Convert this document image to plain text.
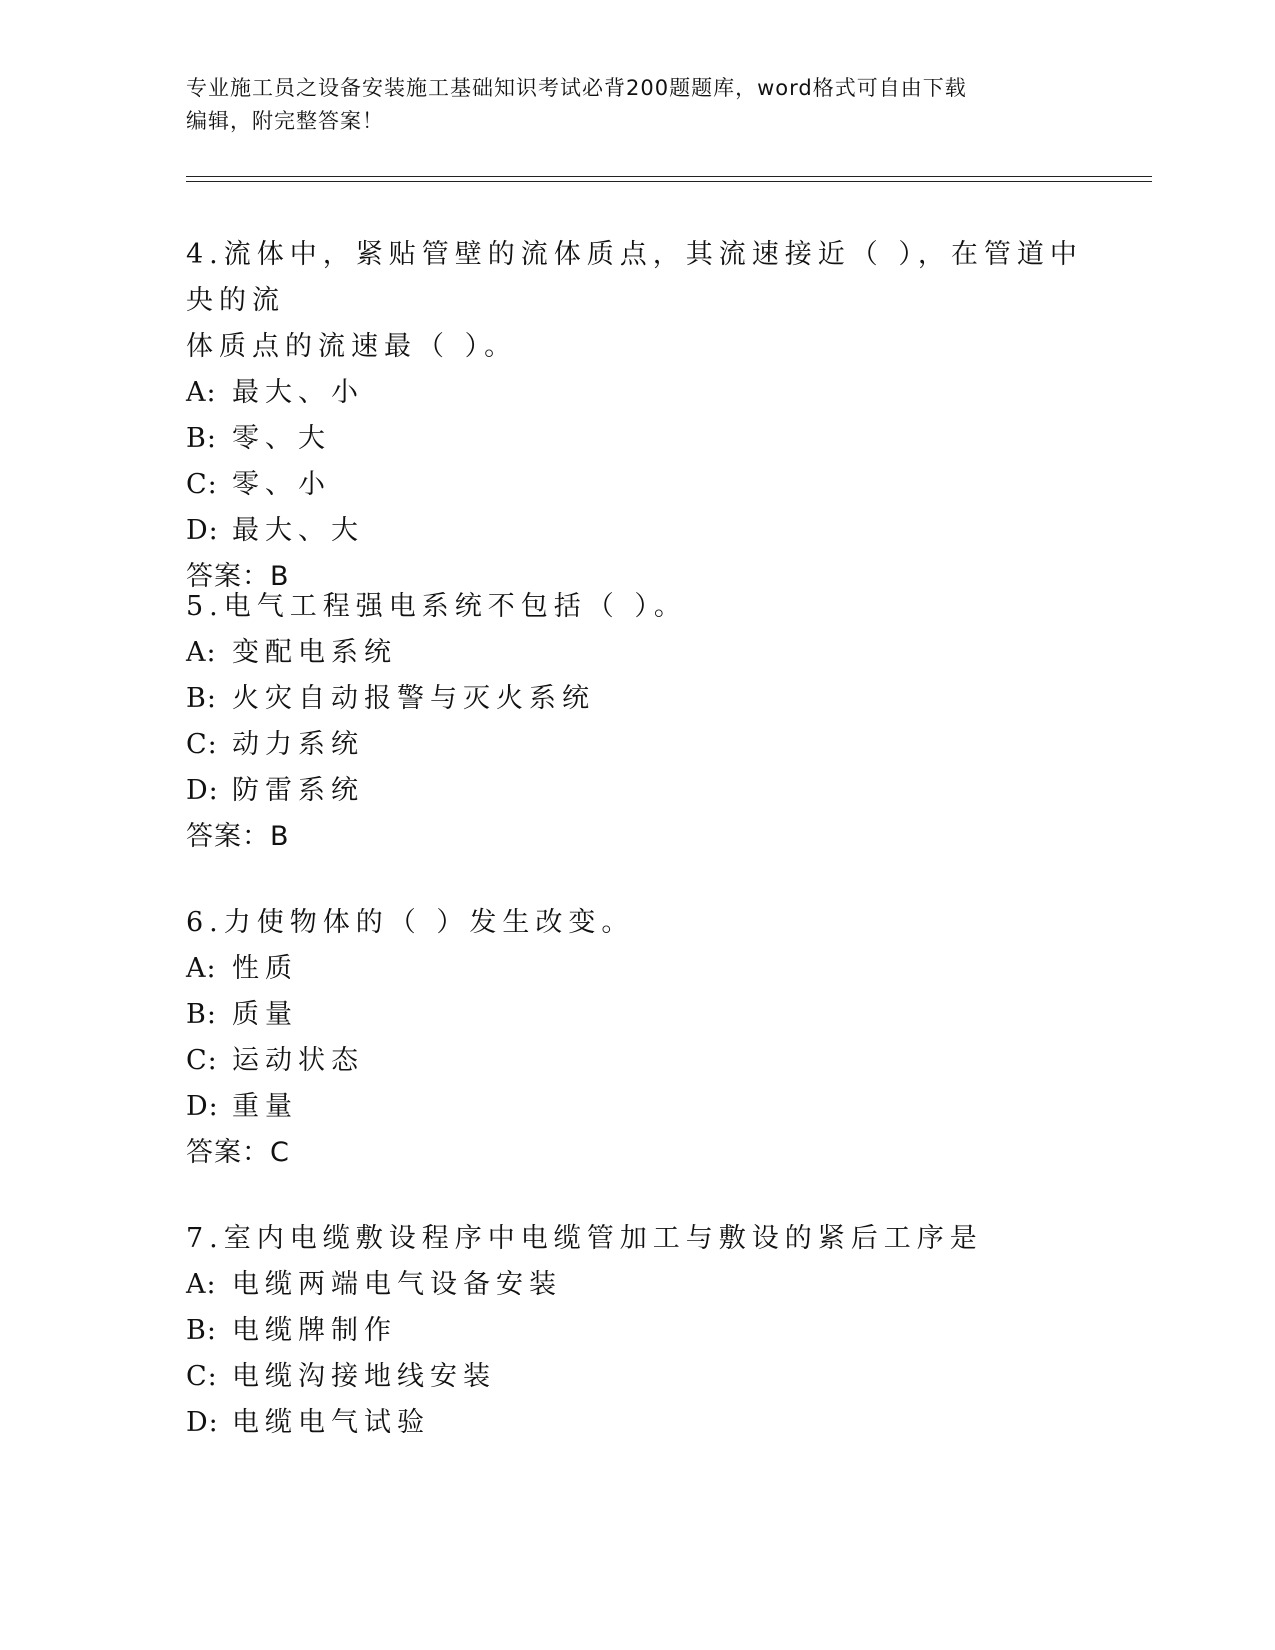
专业施工员之设备安装施工基础知识考试必背200题题库，word格式可自由下载
编辑，附完整答案！

4.流体中，紧贴管壁的流体质点，其流速接近（ ），在管道中央的流

体质点的流速最（ ）。

A: 最大、小
B: 零、大
C: 零、小
D: 最大、大
答案： B

5.电气工程强电系统不包括（ ）。

A: 变配电系统
B: 火灾自动报警与灭火系统
C: 动力系统
D: 防雷系统
答案： B

6.力使物体的（ ）发生改变。

A: 性质
B: 质量
C: 运动状态
D: 重量
答案： C

7.室内电缆敷设程序中电缆管加工与敷设的紧后工序是

A: 电缆两端电气设备安装
B: 电缆牌制作
C: 电缆沟接地线安装
D: 电缆电气试验
